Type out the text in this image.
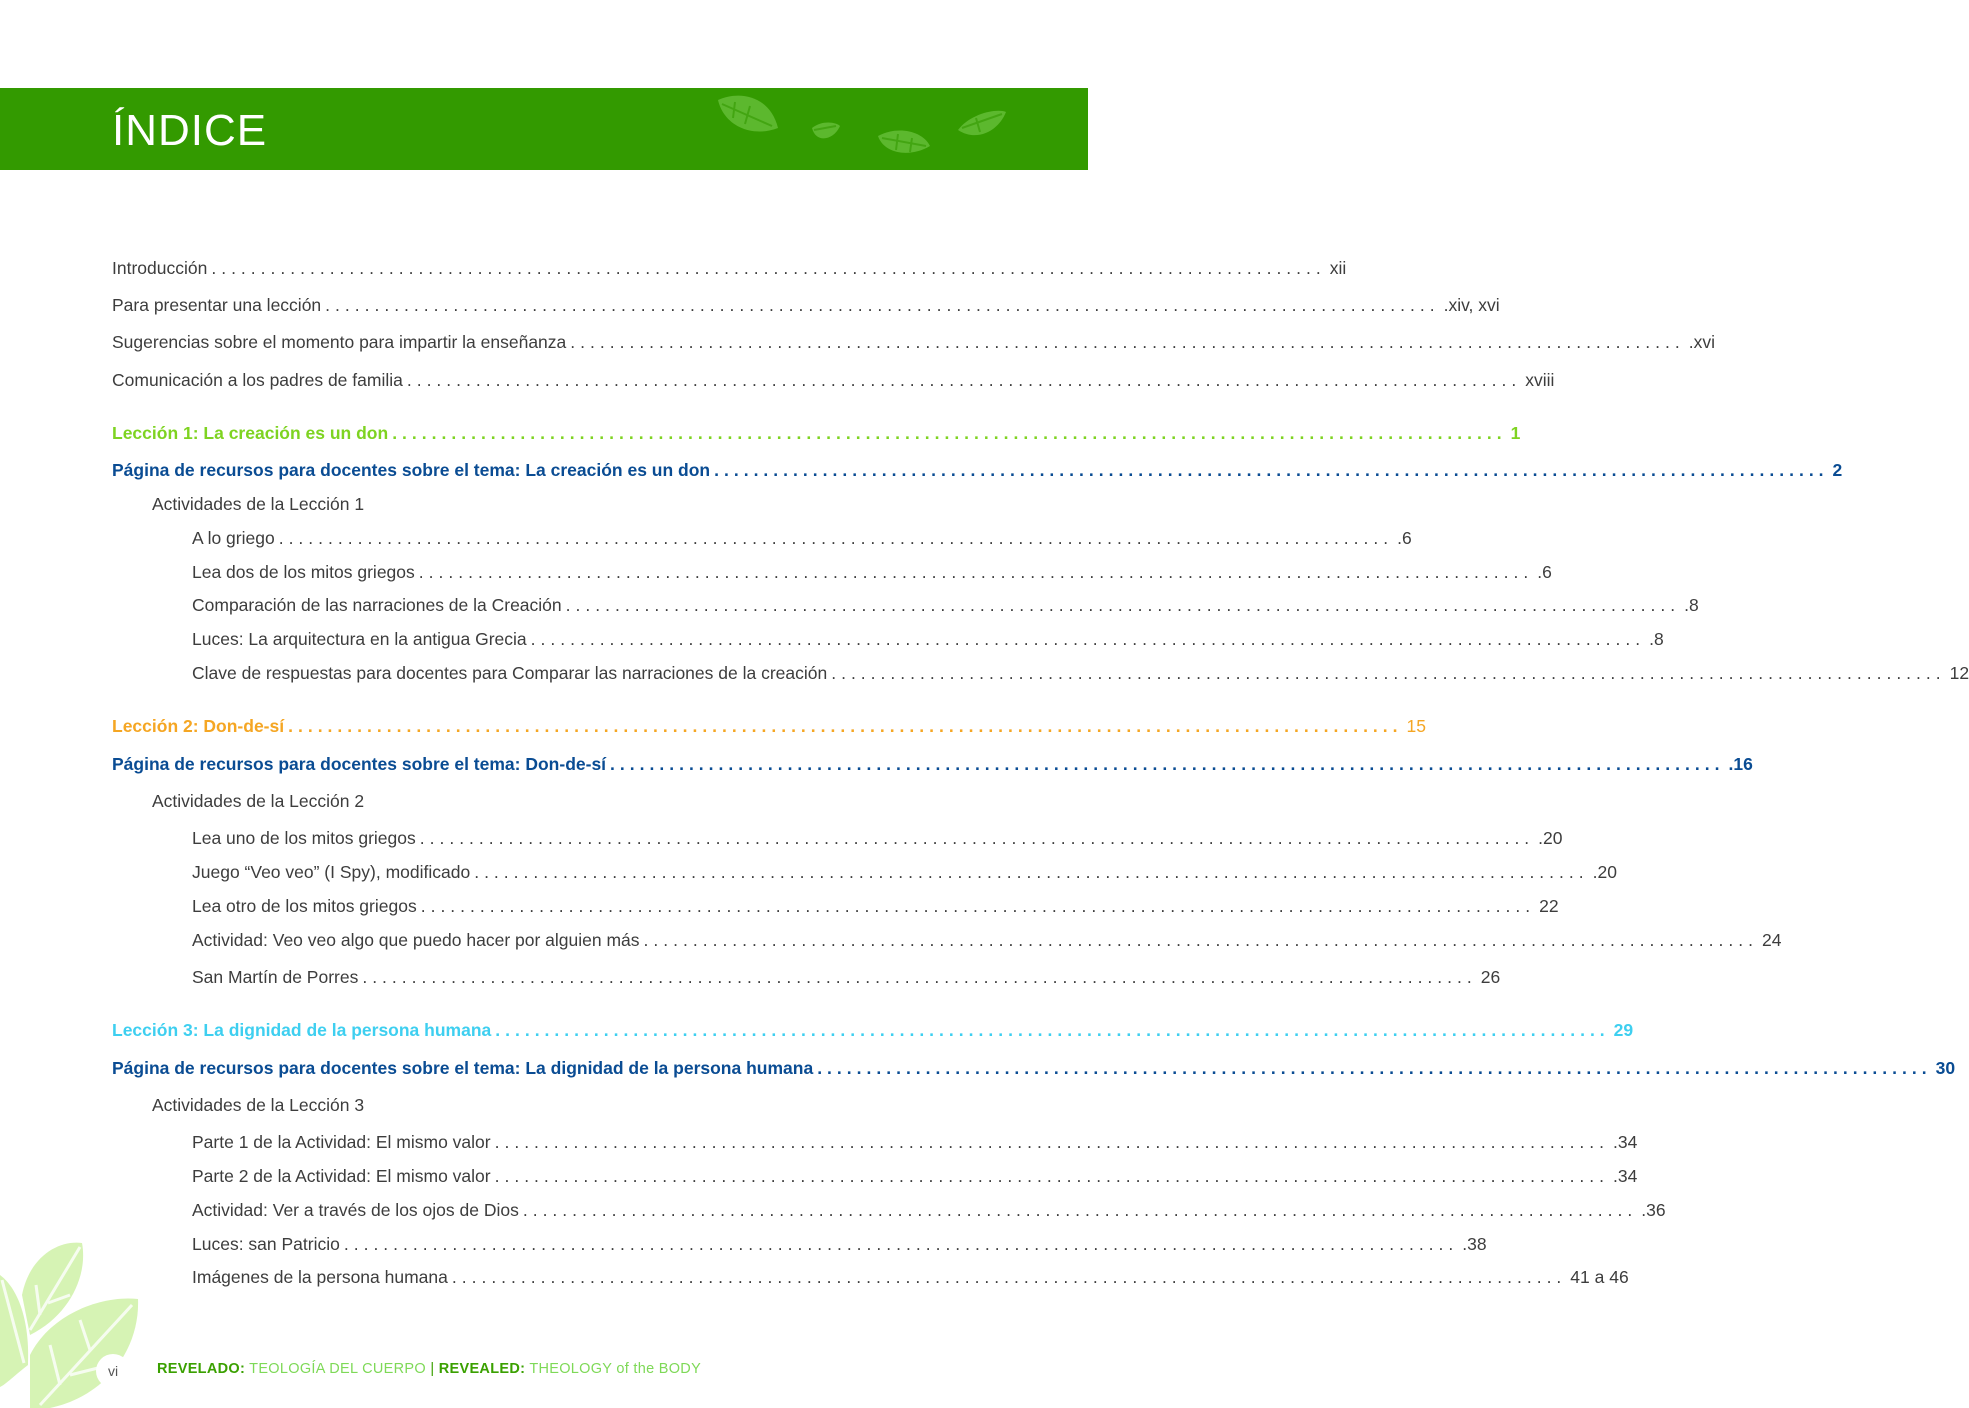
ÍNDICE
Introducción ................................................................................................................. xii
Para presentar una lección ................................................................................................................. .xiv, xvi
Sugerencias sobre el momento para impartir la enseñanza ................................................................................................................. .xvi
Comunicación a los padres de familia ................................................................................................................. xviii
Lección 1: La creación es un don ................................................................................................................. 1
Página de recursos para docentes sobre el tema: La creación es un don ................................................................................................................. 2
Actividades de la Lección 1
A lo griego ................................................................................................................. .6
Lea dos de los mitos griegos ................................................................................................................. .6
Comparación de las narraciones de la Creación ................................................................................................................. .8
Luces: La arquitectura en la antigua Grecia ................................................................................................................. .8
Clave de respuestas para docentes para Comparar las narraciones de la creación ................................................................................................................. 12
Lección 2: Don-de-sí ................................................................................................................. 15
Página de recursos para docentes sobre el tema: Don-de-sí ................................................................................................................. .16
Actividades de la Lección 2
Lea uno de los mitos griegos ................................................................................................................. .20
Juego “Veo veo” (I Spy), modificado ................................................................................................................. .20
Lea otro de los mitos griegos ................................................................................................................. 22
Actividad: Veo veo algo que puedo hacer por alguien más ................................................................................................................. 24
San Martín de Porres ................................................................................................................. 26
Lección 3: La dignidad de la persona humana ................................................................................................................. 29
Página de recursos para docentes sobre el tema: La dignidad de la persona humana ................................................................................................................. 30
Actividades de la Lección 3
Parte 1 de la Actividad: El mismo valor ................................................................................................................. .34
Parte 2 de la Actividad: El mismo valor ................................................................................................................. .34
Actividad: Ver a través de los ojos de Dios ................................................................................................................. .36
Luces: san Patricio ................................................................................................................. .38
Imágenes de la persona humana ................................................................................................................. 41 a 46
vi	REVELADO: TEOLOGÍA DEL CUERPO | REVEALED: THEOLOGY of the BODY
